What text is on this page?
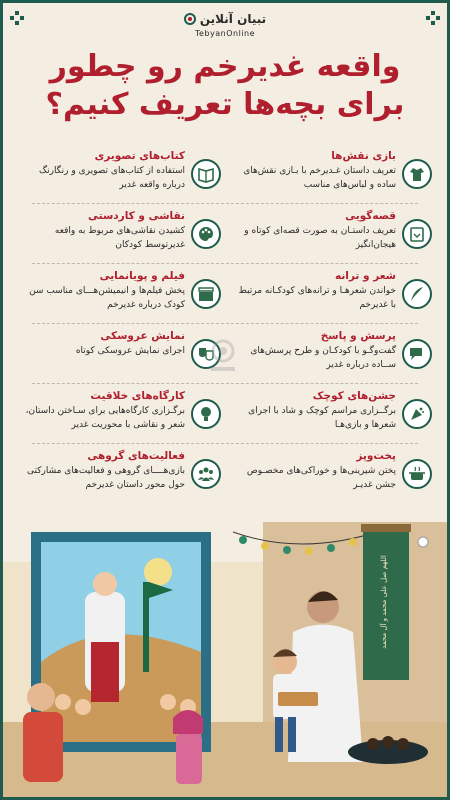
تبیان آنلاین
TebyanOnline
واقعه غدیرخم رو چطور
برای بچه‌ها تعریف کنیم؟
کتاب‌های تصویری
استفاده از کتاب‌های تصویری و رنگارنگ درباره واقعه غدیر
بازی نقش‌ها
تعریف داستان غـدیرخم با بـازی نقش‌های ساده و لباس‌های مناسب
نقاشی و کاردستی
کشیدن نقاشی‌های مربوط به واقعه غدیرتوسط کودکان
قصه‌گویی
تعریف داستـان به صورت قصه‌ای کوتاه و هیجان‌انگیز
فیلم و پویانمایی
پخش فیلم‌ها و انیمیشن‌هـــای مناسب سن کودک درباره غدیرخم
شعر و ترانه
خواندن شعرهـا و ترانه‌های کودکـانه مرتبط با غدیرخم
نمایش عروسکی
اجرای نمایش عروسکی کوتاه
پرسش و پاسخ
گفت‌وگـو با کودکـان و طرح پرسش‌های ســاده درباره غدیر
کارگاه‌های خلاقیت
برگـزاری کارگاه‌هایی برای سـاختن داستان، شعر و نقاشی با محوریت غدیر
جشن‌های کوچک
برگــزاری مراسم کوچک و شاد با اجرای شعرها و بازی‌هـا
فعالیت‌های گروهی
بازی‌هــــای گروهی و فعالیت‌های مشارکتی حول محور داستان غدیرخم
پخت‌وپز
پختن شیرینی‌ها و خوراکی‌های مخصـوص جشن غدیـر
اللهم صل علی محمد و آل محمد
